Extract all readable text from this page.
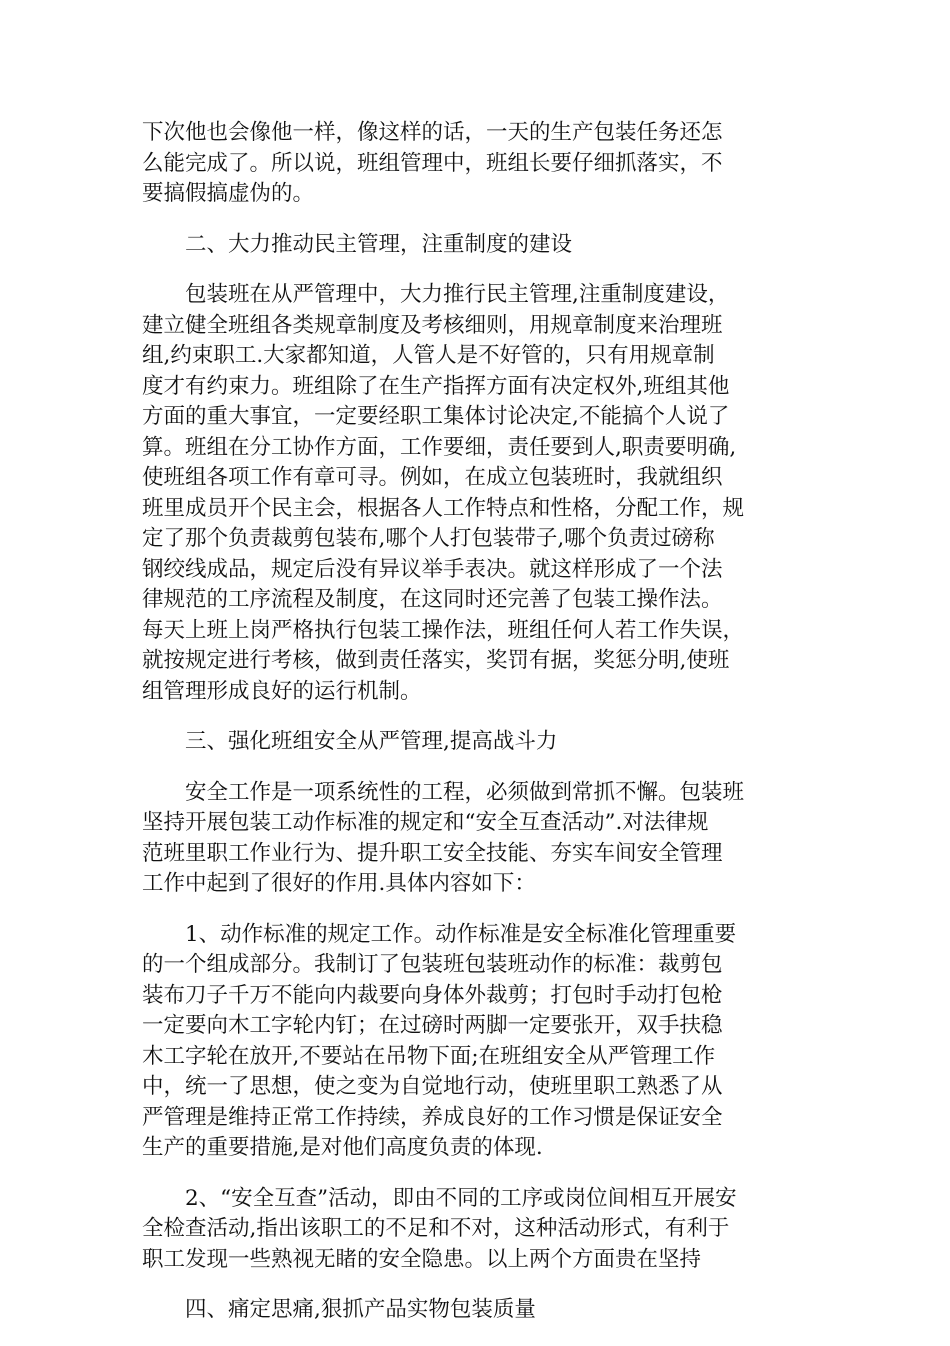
下次他也会像他一样，像这样的话，一天的生产包装任务还怎
么能完成了。所以说，班组管理中，班组长要仔细抓落实，不
要搞假搞虚伪的。
二、大力推动民主管理，注重制度的建设
包装班在从严管理中，大力推行民主管理,注重制度建设，
建立健全班组各类规章制度及考核细则，用规章制度来治理班
组,约束职工.大家都知道，人管人是不好管的，只有用规章制
度才有约束力。班组除了在生产指挥方面有决定权外,班组其他
方面的重大事宜，一定要经职工集体讨论决定,不能搞个人说了
算。班组在分工协作方面，工作要细，责任要到人,职责要明确,
使班组各项工作有章可寻。例如，在成立包装班时，我就组织
班里成员开个民主会，根据各人工作特点和性格，分配工作，规
定了那个负责裁剪包装布,哪个人打包装带子,哪个负责过磅称
钢绞线成品，规定后没有异议举手表决。就这样形成了一个法
律规范的工序流程及制度，在这同时还完善了包装工操作法。
每天上班上岗严格执行包装工操作法，班组任何人若工作失误，
就按规定进行考核，做到责任落实，奖罚有据，奖惩分明,使班
组管理形成良好的运行机制。
三、强化班组安全从严管理,提高战斗力
安全工作是一项系统性的工程，必须做到常抓不懈。包装班
坚持开展包装工动作标准的规定和“安全互查活动”.对法律规
范班里职工作业行为、提升职工安全技能、夯实车间安全管理
工作中起到了很好的作用.具体内容如下：
1、动作标准的规定工作。动作标准是安全标准化管理重要
的一个组成部分。我制订了包装班包装班动作的标准：裁剪包
装布刀子千万不能向内裁要向身体外裁剪；打包时手动打包枪
一定要向木工字轮内钉；在过磅时两脚一定要张开，双手扶稳
木工字轮在放开,不要站在吊物下面;在班组安全从严管理工作
中，统一了思想，使之变为自觉地行动，使班里职工熟悉了从
严管理是维持正常工作持续，养成良好的工作习惯是保证安全
生产的重要措施,是对他们高度负责的体现.
2、“安全互查”活动，即由不同的工序或岗位间相互开展安
全检查活动,指出该职工的不足和不对，这种活动形式，有利于
职工发现一些熟视无睹的安全隐患。以上两个方面贵在坚持
四、痛定思痛,狠抓产品实物包装质量
